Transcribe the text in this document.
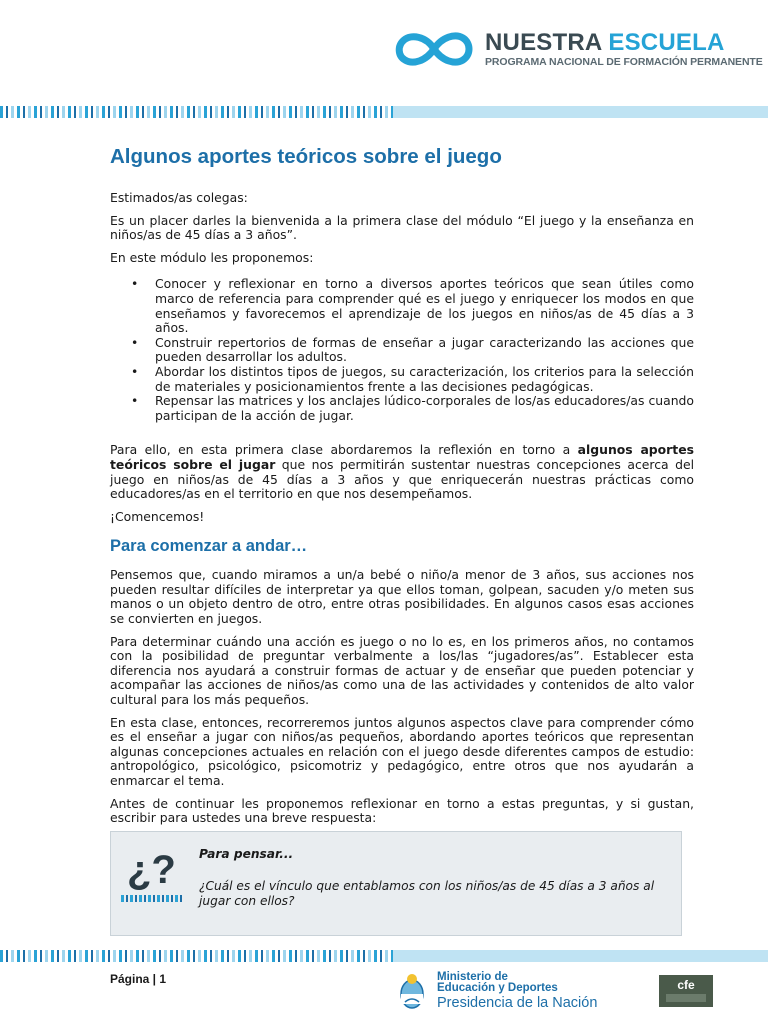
NUESTRA ESCUELA
PROGRAMA NACIONAL DE FORMACIÓN PERMANENTE
Algunos aportes teóricos sobre el juego

Estimados/as colegas:

Es un placer darles la bienvenida a la primera clase del módulo “El juego y la enseñanza en niños/as de 45 días a 3 años”.

En este módulo les proponemos:

• Conocer y reflexionar en torno a diversos aportes teóricos que sean útiles como marco de referencia para comprender qué es el juego y enriquecer los modos en que enseñamos y favorecemos el aprendizaje de los juegos en niños/as de 45 días a 3 años.
• Construir repertorios de formas de enseñar a jugar caracterizando las acciones que pueden desarrollar los adultos.
• Abordar los distintos tipos de juegos, su caracterización, los criterios para la selección de materiales y posicionamientos frente a las decisiones pedagógicas.
• Repensar las matrices y los anclajes lúdico-corporales de los/as educadores/as cuando participan de la acción de jugar.

Para ello, en esta primera clase abordaremos la reflexión en torno a algunos aportes teóricos sobre el jugar que nos permitirán sustentar nuestras concepciones acerca del juego en niños/as de 45 días a 3 años y que enriquecerán nuestras prácticas como educadores/as en el territorio en que nos desempeñamos.

¡Comencemos!

Para comenzar a andar…

Pensemos que, cuando miramos a un/a bebé o niño/a menor de 3 años, sus acciones nos pueden resultar difíciles de interpretar ya que ellos toman, golpean, sacuden y/o meten sus manos o un objeto dentro de otro, entre otras posibilidades. En algunos casos esas acciones se convierten en juegos.

Para determinar cuándo una acción es juego o no lo es, en los primeros años, no contamos con la posibilidad de preguntar verbalmente a los/las “jugadores/as”. Establecer esta diferencia nos ayudará a construir formas de actuar y de enseñar que pueden potenciar y acompañar las acciones de niños/as como una de las actividades y contenidos de alto valor cultural para los más pequeños.

En esta clase, entonces, recorreremos juntos algunos aspectos clave para comprender cómo es el enseñar a jugar con niños/as pequeños, abordando aportes teóricos que representan algunas concepciones actuales en relación con el juego desde diferentes campos de estudio: antropológico, psicológico, psicomotriz y pedagógico, entre otros que nos ayudarán a enmarcar el tema.

Antes de continuar les proponemos reflexionar en torno a estas preguntas, y si gustan, escribir para ustedes una breve respuesta:

¿? Para pensar...
¿Cuál es el vínculo que entablamos con los niños/as de 45 días a 3 años al jugar con ellos?
Página | 1	Ministerio de
Educación y Deportes
Presidencia de la Nación
cfe
